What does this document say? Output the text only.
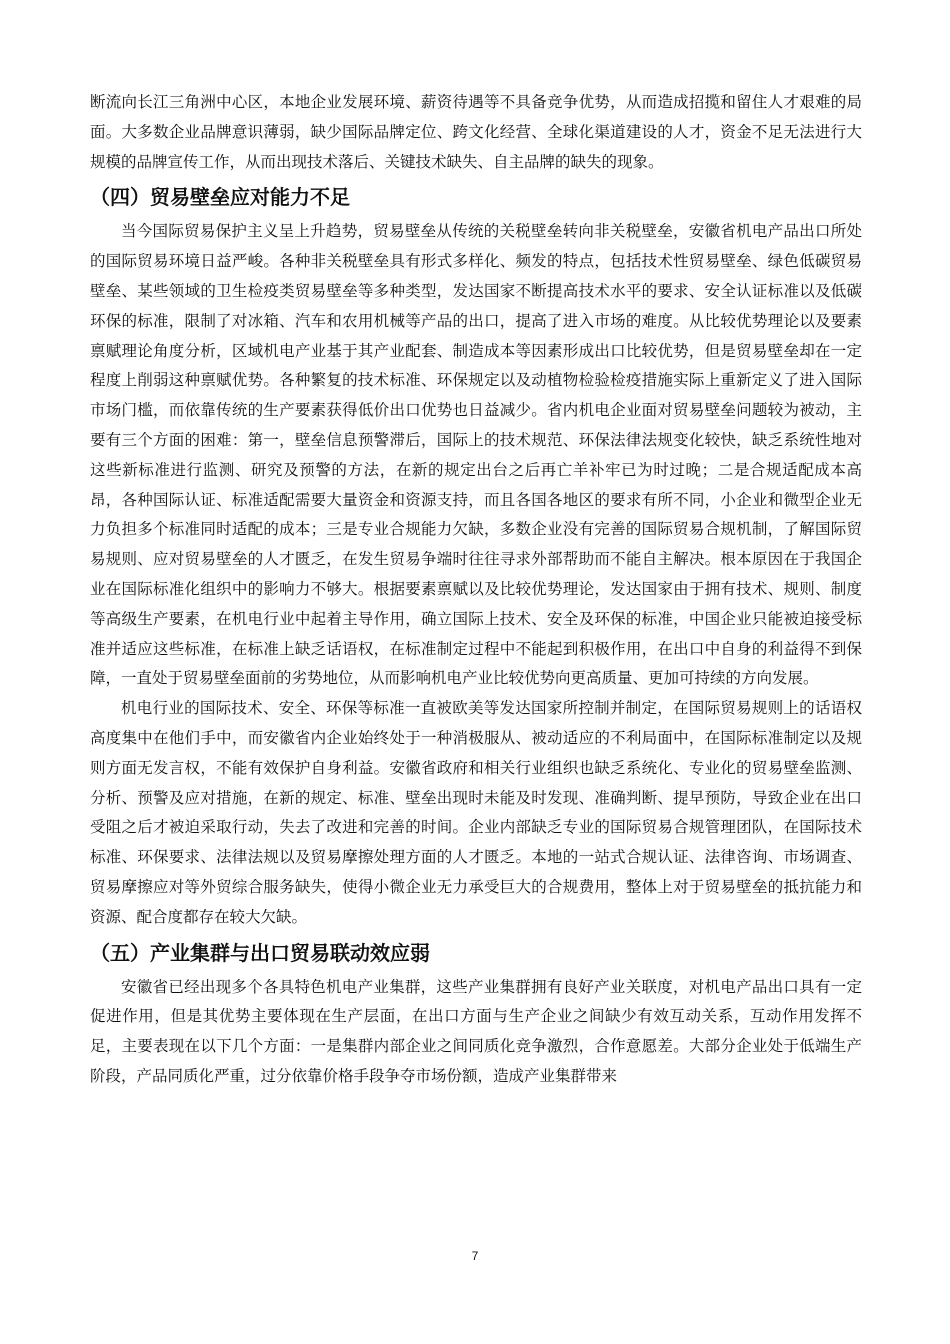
断流向长江三角洲中心区，本地企业发展环境、薪资待遇等不具备竞争优势，从而造成招揽和留住人才艰难的局面。大多数企业品牌意识薄弱，缺少国际品牌定位、跨文化经营、全球化渠道建设的人才，资金不足无法进行大规模的品牌宣传工作，从而出现技术落后、关键技术缺失、自主品牌的缺失的现象。

（四）贸易壁垒应对能力不足

当今国际贸易保护主义呈上升趋势，贸易壁垒从传统的关税壁垒转向非关税壁垒，安徽省机电产品出口所处的国际贸易环境日益严峻。各种非关税壁垒具有形式多样化、频发的特点，包括技术性贸易壁垒、绿色低碳贸易壁垒、某些领域的卫生检疫类贸易壁垒等多种类型，发达国家不断提高技术水平的要求、安全认证标准以及低碳环保的标准，限制了对冰箱、汽车和农用机械等产品的出口，提高了进入市场的难度。从比较优势理论以及要素禀赋理论角度分析，区域机电产业基于其产业配套、制造成本等因素形成出口比较优势，但是贸易壁垒却在一定程度上削弱这种禀赋优势。各种繁复的技术标准、环保规定以及动植物检验检疫措施实际上重新定义了进入国际市场门槛，而依靠传统的生产要素获得低价出口优势也日益减少。省内机电企业面对贸易壁垒问题较为被动，主要有三个方面的困难：第一，壁垒信息预警滞后，国际上的技术规范、环保法律法规变化较快，缺乏系统性地对这些新标准进行监测、研究及预警的方法，在新的规定出台之后再亡羊补牢已为时过晚；二是合规适配成本高昂，各种国际认证、标准适配需要大量资金和资源支持，而且各国各地区的要求有所不同，小企业和微型企业无力负担多个标准同时适配的成本；三是专业合规能力欠缺，多数企业没有完善的国际贸易合规机制，了解国际贸易规则、应对贸易壁垒的人才匮乏，在发生贸易争端时往往寻求外部帮助而不能自主解决。根本原因在于我国企业在国际标准化组织中的影响力不够大。根据要素禀赋以及比较优势理论，发达国家由于拥有技术、规则、制度等高级生产要素，在机电行业中起着主导作用，确立国际上技术、安全及环保的标准，中国企业只能被迫接受标准并适应这些标准，在标准上缺乏话语权，在标准制定过程中不能起到积极作用，在出口中自身的利益得不到保障，一直处于贸易壁垒面前的劣势地位，从而影响机电产业比较优势向更高质量、更加可持续的方向发展。

机电行业的国际技术、安全、环保等标准一直被欧美等发达国家所控制并制定，在国际贸易规则上的话语权高度集中在他们手中，而安徽省内企业始终处于一种消极服从、被动适应的不利局面中，在国际标准制定以及规则方面无发言权，不能有效保护自身利益。安徽省政府和相关行业组织也缺乏系统化、专业化的贸易壁垒监测、分析、预警及应对措施，在新的规定、标准、壁垒出现时未能及时发现、准确判断、提早预防，导致企业在出口受阻之后才被迫采取行动，失去了改进和完善的时间。企业内部缺乏专业的国际贸易合规管理团队，在国际技术标准、环保要求、法律法规以及贸易摩擦处理方面的人才匮乏。本地的一站式合规认证、法律咨询、市场调查、贸易摩擦应对等外贸综合服务缺失，使得小微企业无力承受巨大的合规费用，整体上对于贸易壁垒的抵抗能力和资源、配合度都存在较大欠缺。

（五）产业集群与出口贸易联动效应弱

安徽省已经出现多个各具特色机电产业集群，这些产业集群拥有良好产业关联度，对机电产品出口具有一定促进作用，但是其优势主要体现在生产层面，在出口方面与生产企业之间缺少有效互动关系，互动作用发挥不足，主要表现在以下几个方面：一是集群内部企业之间同质化竞争激烈，合作意愿差。大部分企业处于低端生产阶段，产品同质化严重，过分依靠价格手段争夺市场份额，造成产业集群带来

7
